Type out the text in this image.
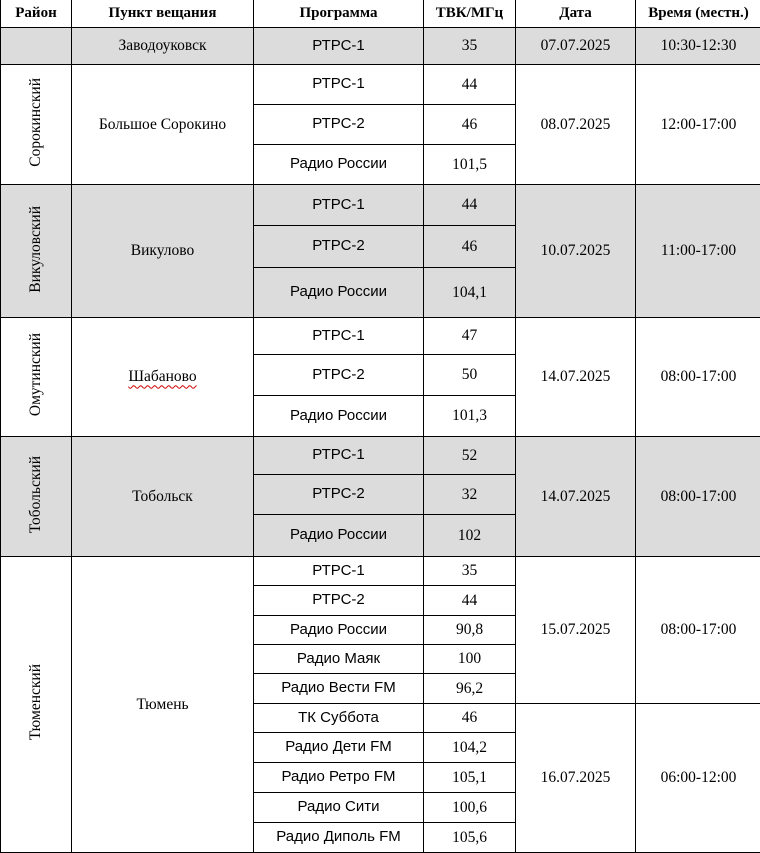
Район	Пункт вещания	Программа	ТВК/МГц	Дата	Время (местн.)
	Заводоуковск	РТРС-1	35	07.07.2025	10:30-12:30
Сорокинский	Большое Сорокино	РТРС-1	44	08.07.2025	12:00-17:00
		РТРС-2	46		
		Радио России	101,5		
Викуловский	Викулово	РТРС-1	44	10.07.2025	11:00-17:00
		РТРС-2	46		
		Радио России	104,1		
Омутинский	Шабаново	РТРС-1	47	14.07.2025	08:00-17:00
		РТРС-2	50		
		Радио России	101,3		
Тобольский	Тобольск	РТРС-1	52	14.07.2025	08:00-17:00
		РТРС-2	32		
		Радио России	102		
Тюменский	Тюмень	РТРС-1	35	15.07.2025	08:00-17:00
		РТРС-2	44		
		Радио России	90,8		
		Радио Маяк	100		
		Радио Вести FM	96,2		
		ТК Суббота	46	16.07.2025	06:00-12:00
		Радио Дети FM	104,2		
		Радио Ретро FM	105,1		
		Радио Сити	100,6		
		Радио Диполь FM	105,6		
